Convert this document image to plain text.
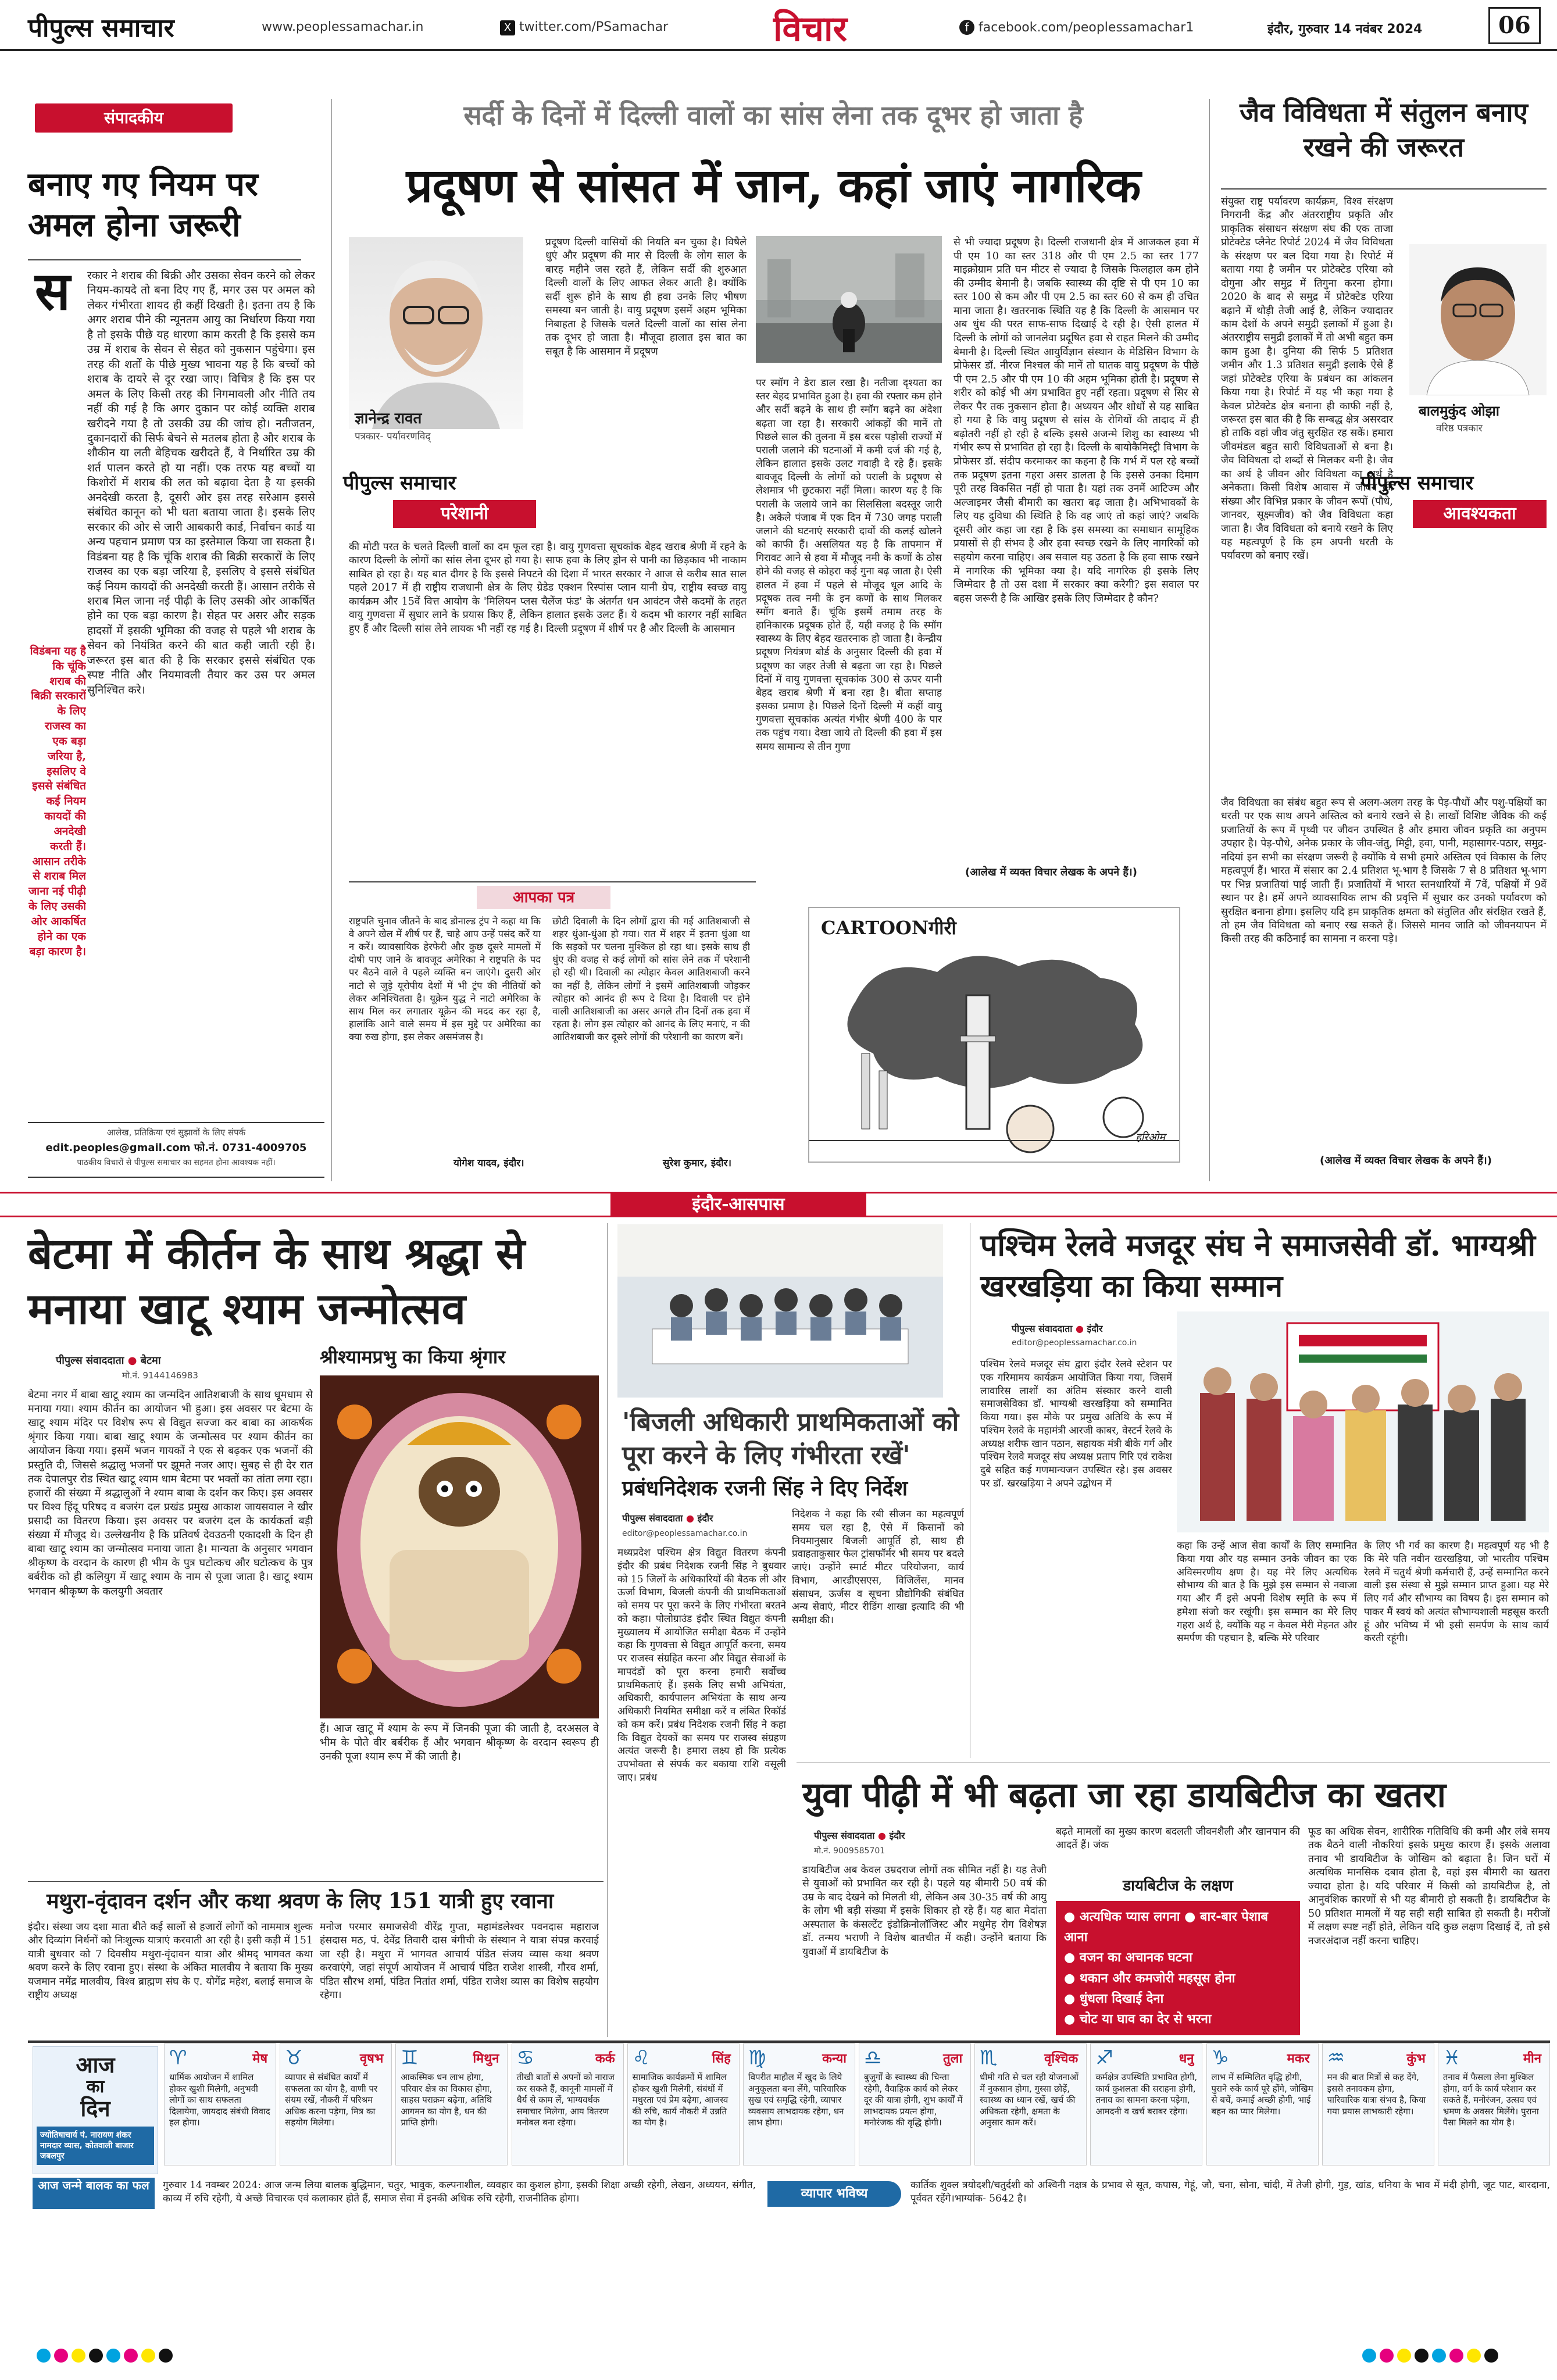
पीपुल्स समाचार	www.peoplessamachar.in	X twitter.com/PSamachar	विचार	f facebook.com/peoplessamachar1	इंदौर, गुरुवार 14 नवंबर 2024	06
संपादकीय
बनाए गए नियम पर अमल होना जरूरी
स रकार ने शराब की बिक्री और उसका सेवन करने को लेकर नियम-कायदे तो बना दिए गए हैं, मगर उस पर अमल को लेकर गंभीरता शायद ही कहीं दिखती है। इतना तय है कि अगर शराब पीने की न्यूनतम आयु का निर्धारण किया गया है तो इसके पीछे यह धारणा काम करती है कि इससे कम उम्र में शराब के सेवन से सेहत को नुकसान पहुंचेगा। इस तरह की शर्तों के पीछे मुख्य भावना यह है कि बच्चों को शराब के दायरे से दूर रखा जाए। विचित्र है कि इस पर अमल के लिए किसी तरह की निगमावली और नीति तय नहीं की गई है कि अगर दुकान पर कोई व्यक्ति शराब खरीदने गया है तो उसकी उम्र की जांच हो। नतीजतन, दुकानदारों की सिर्फ बेचने से मतलब होता है और शराब के शौकीन या लती बेहिचक खरीदते हैं, वे निर्धारित उम्र की शर्त पालन करते हो या नहीं। एक तरफ यह बच्चों या किशोरों में शराब की लत को बढ़ावा देता है या इसकी अनदेखी करता है, दूसरी ओर इस तरह सरेआम इससे संबंधित कानून को भी धता बताया जाता है। इसके लिए सरकार की ओर से जारी आबकारी कार्ड, निर्वाचन कार्ड या अन्य पहचान प्रमाण पत्र का इस्तेमाल किया जा सकता है। विडंबना यह है कि चूंकि शराब की बिक्री सरकारों के लिए राजस्व का एक बड़ा जरिया है, इसलिए वे इससे संबंधित कई नियम कायदों की अनदेखी करती हैं। आसान तरीके से शराब मिल जाना नई पीढ़ी के लिए उसकी ओर आकर्षित होने का एक बड़ा कारण है। सेहत पर असर और सड़क हादसों में इसकी भूमिका की वजह से पहले भी शराब के सेवन को नियंत्रित करने की बात कही जाती रही है। जरूरत इस बात की है कि सरकार इससे संबंधित एक स्पष्ट नीति और नियमावली तैयार कर उस पर अमल सुनिश्चित करे।
विडंबना यह है कि चूंकि शराब की बिक्री सरकारों के लिए राजस्व का एक बड़ा जरिया है, इसलिए वे इससे संबंधित कई नियम कायदों की अनदेखी करती हैं। आसान तरीके से शराब मिल जाना नई पीढ़ी के लिए उसकी ओर आकर्षित होने का एक बड़ा कारण है।
आलेख, प्रतिक्रिया एवं सुझावों के लिए संपर्क
edit.peoples@gmail.com फो.नं. 0731-4009705
पाठकीय विचारों से पीपुल्स समाचार का सहमत होना आवश्यक नहीं।
सर्दी के दिनों में दिल्ली वालों का सांस लेना तक दूभर हो जाता है
प्रदूषण से सांसत में जान, कहां जाएं नागरिक
ज्ञानेन्द्र रावत
पत्रकार- पर्यावरणविद्
पीपुल्स समाचार
परेशानी
प्रदूषण दिल्ली वासियों की नियति बन चुका है। विषैले धुएं और प्रदूषण की मार से दिल्ली के लोग साल के बारह महीने जस रहते हैं, लेकिन सर्दी की शुरुआत दिल्ली वालों के लिए आफत लेकर आती है। क्योंकि सर्दी शुरू होने के साथ ही हवा उनके लिए भीषण समस्या बन जाती है। वायु प्रदूषण इसमें अहम भूमिका निबाहता है जिसके चलते दिल्ली वालों का सांस लेना तक दूभर हो जाता है। मौजूदा हालात इस बात का सबूत है कि आसमान में प्रदूषण
की मोटी परत के चलते दिल्ली वालों का दम फूल रहा है। वायु गुणवत्ता सूचकांक बेहद खराब श्रेणी में रहने के कारण दिल्ली के लोगों का सांस लेना दूभर हो गया है। साफ हवा के लिए ड्रोन से पानी का छिड़काव भी नाकाम साबित हो रहा है। यह बात दीगर है कि इससे निपटने की दिशा में भारत सरकार ने आज से करीब सात साल पहले 2017 में ही राष्ट्रीय राजधानी क्षेत्र के लिए ग्रेडेड एक्शन रिस्पांस प्लान यानी ग्रेप, राष्ट्रीय स्वच्छ वायु कार्यक्रम और 15वें वित्त आयोग के 'मिलियन प्लस चैलेंज फंड' के अंतर्गत धन आवंटन जैसे कदमों के तहत वायु गुणवत्ता में सुधार लाने के प्रयास किए हैं, लेकिन हालात इसके उलट हैं। ये कदम भी कारगर नहीं साबित हुए हैं और दिल्ली सांस लेने लायक भी नहीं रह गई है। दिल्ली प्रदूषण में शीर्ष पर है और दिल्ली के आसमान
पर स्मॉग ने डेरा डाल रखा है। नतीजा दृश्यता का स्तर बेहद प्रभावित हुआ है। हवा की रफ्तार कम होने और सर्दी बढ़ने के साथ ही स्मॉग बढ़ने का अंदेशा बढ़ता जा रहा है। सरकारी आंकड़ों की मानें तो पिछले साल की तुलना में इस बरस पड़ोसी राज्यों में पराली जलाने की घटनाओं में कमी दर्ज की गई है, लेकिन हालात इसके उलट गवाही दे रहे हैं। इसके बावजूद दिल्ली के लोगों को पराली के प्रदूषण से लेशमात्र भी छुटकारा नहीं मिला। कारण यह है कि पराली के जलाये जाने का सिलसिला बदस्तूर जारी है। अकेले पंजाब में एक दिन में 730 जगह पराली जलाने की घटनाएं सरकारी दावों की कलई खोलने को काफी हैं। असलियत यह है कि तापमान में गिरावट आने से हवा में मौजूद नमी के कणों के ठोस होने की वजह से कोहरा कई गुना बढ़ जाता है। ऐसी हालत में हवा में पहले से मौजूद धूल आदि के प्रदूषक तत्व नमी के इन कणों के साथ मिलकर स्मॉग बनाते हैं। चूंकि इसमें तमाम तरह के हानिकारक प्रदूषक होते हैं, यही वजह है कि स्मॉग स्वास्थ्य के लिए बेहद खतरनाक हो जाता है। केन्द्रीय प्रदूषण नियंत्रण बोर्ड के अनुसार दिल्ली की हवा में प्रदूषण का जहर तेजी से बढ़ता जा रहा है। पिछले दिनों में वायु गुणवत्ता सूचकांक 300 से ऊपर यानी बेहद खराब श्रेणी में बना रहा है। बीता सप्ताह इसका प्रमाण है। पिछले दिनों दिल्ली में कहीं वायु गुणवत्ता सूचकांक अत्यंत गंभीर श्रेणी 400 के पार तक पहुंच गया। देखा जाये तो दिल्ली की हवा में इस समय सामान्य से तीन गुणा
से भी ज्यादा प्रदूषण है। दिल्ली राजधानी क्षेत्र में आजकल हवा में पी एम 10 का स्तर 318 और पी एम 2.5 का स्तर 177 माइक्रोग्राम प्रति घन मीटर से ज्यादा है जिसके फिलहाल कम होने की उम्मीद बेमानी है। जबकि स्वास्थ्य की दृष्टि से पी एम 10 का स्तर 100 से कम और पी एम 2.5 का स्तर 60 से कम ही उचित माना जाता है। खतरनाक स्थिति यह है कि दिल्ली के आसमान पर अब धुंध की परत साफ-साफ दिखाई दे रही है। ऐसी हालत में दिल्ली के लोगों को जानलेवा प्रदूषित हवा से राहत मिलने की उम्मीद बेमानी है। दिल्ली स्थित आयुर्विज्ञान संस्थान के मेडिसिन विभाग के प्रोफेसर डॉ. नीरज निश्चल की मानें तो घातक वायु प्रदूषण के पीछे पी एम 2.5 और पी एम 10 की अहम भूमिका होती है। प्रदूषण से शरीर को कोई भी अंग प्रभावित हुए नहीं रहता। प्रदूषण से सिर से लेकर पैर तक नुकसान होता है। अध्ययन और शोधों से यह साबित हो गया है कि वायु प्रदूषण से सांस के रोगियों की तादाद में ही बढ़ोतरी नहीं हो रही है बल्कि इससे अजन्मे शिशु का स्वास्थ्य भी गंभीर रूप से प्रभावित हो रहा है। दिल्ली के बायोकैमिस्ट्री विभाग के प्रोफेसर डॉ. संदीप करमाकर का कहना है कि गर्भ में पल रहे बच्चों तक प्रदूषण इतना गहरा असर डालता है कि इससे उनका दिमाग पूरी तरह विकसित नहीं हो पाता है। यहां तक उनमें आटिज्म और अल्जाइमर जैसी बीमारी का खतरा बढ़ जाता है। अभिभावकों के लिए यह दुविधा की स्थिति है कि वह जाएं तो कहां जाएं? जबकि दूसरी ओर कहा जा रहा है कि इस समस्या का समाधान सामूहिक प्रयासों से ही संभव है और हवा स्वच्छ रखने के लिए नागरिकों को सहयोग करना चाहिए। अब सवाल यह उठता है कि हवा साफ रखने में नागरिक की भूमिका क्या है। यदि नागरिक ही इसके लिए जिम्मेदार है तो उस दशा में सरकार क्या करेगी? इस सवाल पर बहस जरूरी है कि आखिर इसके लिए जिम्मेदार है कौन?
(आलेख में व्यक्त विचार लेखक के अपने हैं।)
आपका पत्र
राष्ट्रपति चुनाव जीतने के बाद डोनाल्ड ट्रंप ने कहा था कि वे अपने खेल में शीर्ष पर हैं, चाहे आप उन्हें पसंद करें या न करें। व्यावसायिक हेरफेरी और कुछ दूसरे मामलों में दोषी पाए जाने के बावजूद अमेरिका ने राष्ट्रपति के पद पर बैठने वाले वे पहले व्यक्ति बन जाएंगे। दुसरी ओर नाटो से जुड़े यूरोपीय देशों में भी ट्रंप की नीतियों को लेकर अनिश्चितता है। यूक्रेन युद्ध ने नाटो अमेरिका के साथ मिल कर लगातार यूक्रेन की मदद कर रहा है, हालांकि आने वाले समय में इस मुद्दे पर अमेरिका का क्या रुख होगा, इस लेकर असमंजस है।
योगेश यादव, इंदौर।
छोटी दिवाली के दिन लोगों द्वारा की गई आतिशबाजी से शहर धुंआ-धुंआ हो गया। रात में शहर में इतना धुंआ था कि सड़कों पर चलना मुश्किल हो रहा था। इसके साथ ही धुंए की वजह से कई लोगों को सांस लेने तक में परेशानी हो रही थी। दिवाली का त्योहार केवल आतिशबाजी करने का नहीं है, लेकिन लोगों ने इसमें आतिशबाजी जोड़कर त्योहार को आनंद ही रूप दे दिया है। दिवाली पर होने वाली आतिशबाजी का असर अगले तीन दिनों तक हवा में रहता है। लोग इस त्योहार को आनंद के लिए मनाएं, न की आतिशबाजी कर दूसरे लोगों की परेशानी का कारण बनें।
सुरेश कुमार, इंदौर।
CARTOONगीरी
हरिओम
जैव विविधता में संतुलन बनाए रखने की जरूरत
संयुक्त राष्ट्र पर्यावरण कार्यक्रम, विश्व संरक्षण निगरानी केंद्र और अंतरराष्ट्रीय प्रकृति और प्राकृतिक संसाधन संरक्षण संघ की एक ताजा प्रोटेक्टेड प्लैनेट रिपोर्ट 2024 में जैव विविधता के संरक्षण पर बल दिया गया है। रिपोर्ट में बताया गया है जमीन पर प्रोटेक्टेड एरिया को दोगुना और समुद्र में तिगुना करना होगा। 2020 के बाद से समुद्र में प्रोटेक्टेड एरिया बढ़ाने में थोड़ी तेजी आई है, लेकिन ज्यादातर काम देशों के अपने समुद्री इलाकों में हुआ है। अंतरराष्ट्रीय समुद्री इलाकों में तो अभी बहुत कम काम हुआ है। दुनिया की सिर्फ 5 प्रतिशत जमीन और 1.3 प्रतिशत समुद्री इलाके ऐसे हैं जहां प्रोटेक्टेड एरिया के प्रबंधन का आंकलन किया गया है। रिपोर्ट में यह भी कहा गया है केवल प्रोटेक्टेड क्षेत्र बनाना ही काफी नहीं है, जरूरत इस बात की है कि सम्बद्ध क्षेत्र असरदार हो ताकि वहां जीव जंतु सुरक्षित रह सकें। हमारा जीवमंडल बहुत सारी विविधताओं से बना है। जैव विविधता दो शब्दों से मिलकर बनी है। जैव का अर्थ है जीवन और विविधता का अर्थ है अनेकता। किसी विशेष आवास में जीवन की संख्या और विभिन्न प्रकार के जीवन रूपों (पौधे, जानवर, सूक्ष्मजीव) को जैव विविधता कहा जाता है। जैव विविधता को बनाये रखने के लिए यह महत्वपूर्ण है कि हम अपनी धरती के पर्यावरण को बनाए रखें।
बालमुकुंद ओझा
वरिष्ठ पत्रकार
पीपुल्स समाचार
आवश्यकता
जैव विविधता का संबंध बहुत रूप से अलग-अलग तरह के पेड़-पौधों और पशु-पक्षियों का धरती पर एक साथ अपने अस्तित्व को बनाये रखने से है। लाखों विशिष्ट जैविक की कई प्रजातियों के रूप में पृथ्वी पर जीवन उपस्थित है और हमारा जीवन प्रकृति का अनुपम उपहार है। पेड़-पौधे, अनेक प्रकार के जीव-जंतु, मिट्टी, हवा, पानी, महासागर-पठार, समुद्र-नदियां इन सभी का संरक्षण जरूरी है क्योंकि ये सभी हमारे अस्तित्व एवं विकास के लिए महत्वपूर्ण हैं। भारत में संसार का 2.4 प्रतिशत भू-भाग है जिसके 7 से 8 प्रतिशत भू-भाग पर भिन्न प्रजातियां पाई जाती हैं। प्रजातियों में भारत स्तनधारियों में 7वें, पक्षियों में 9वें स्थान पर है। हमें अपने व्यावसायिक लाभ की प्रवृत्ति में सुधार कर उनको पर्यावरण को सुरक्षित बनाना होगा। इसलिए यदि हम प्राकृतिक क्षमता को संतुलित और संरक्षित रखते हैं, तो हम जैव विविधता को बनाए रख सकते हैं। जिससे मानव जाति को जीवनयापन में किसी तरह की कठिनाई का सामना न करना पड़े।
(आलेख में व्यक्त विचार लेखक के अपने हैं।)
इंदौर-आसपास
बेटमा में कीर्तन के साथ श्रद्धा से मनाया खाटू श्याम जन्मोत्सव
पीपुल्स संवाददाता ● बेटमा
मो.नं. 9144146983
श्रीश्यामप्रभु का किया श्रृंगार
बेटमा नगर में बाबा खाटू श्याम का जन्मदिन आतिशबाजी के साथ धूमधाम से मनाया गया। श्याम कीर्तन का आयोजन भी हुआ। इस अवसर पर बेटमा के खाटू श्याम मंदिर पर विशेष रूप से विद्युत सज्जा कर बाबा का आकर्षक श्रृंगार किया गया। बाबा खाटू श्याम के जन्मोत्सव पर श्याम कीर्तन का आयोजन किया गया। इसमें भजन गायकों ने एक से बढ़कर एक भजनों की प्रस्तुति दी, जिससे श्रद्धालु भजनों पर झूमते नजर आए। सुबह से ही देर रात तक देपालपुर रोड स्थित खाटू श्याम धाम बेटमा पर भक्तों का तांता लगा रहा। हजारों की संख्या में श्रद्धालुओं ने श्याम बाबा के दर्शन कर किए। इस अवसर पर विश्व हिंदू परिषद व बजरंग दल प्रखंड प्रमुख आकाश जायसवाल ने खीर प्रसादी का वितरण किया। इस अवसर पर बजरंग दल के कार्यकर्ता बड़ी संख्या में मौजूद थे। उल्लेखनीय है कि प्रतिवर्ष देवउठनी एकादशी के दिन ही बाबा खाटू श्याम का जन्मोत्सव मनाया जाता है। मान्यता के अनुसार भगवान श्रीकृष्ण के वरदान के कारण ही भीम के पुत्र घटोत्कच और घटोत्कच के पुत्र बर्बरीक को ही कलियुग में खाटू श्याम के नाम से पूजा जाता है। खाटू श्याम भगवान श्रीकृष्ण के कलयुगी अवतार
हैं। आज खाटू में श्याम के रूप में जिनकी पूजा की जाती है, दरअसल वे भीम के पोते वीर बर्बरीक हैं और भगवान श्रीकृष्ण के वरदान स्वरूप ही उनकी पूजा श्याम रूप में की जाती है।
मथुरा-वृंदावन दर्शन और कथा श्रवण के लिए 151 यात्री हुए रवाना
इंदौर। संस्था जय दशा माता बीते कई सालों से हजारों लोगों को नाममात्र शुल्क और दिव्यांग निर्धनों को निःशुल्क यात्राएं करवाती आ रही है। इसी कड़ी में 151 यात्री बुधवार को 7 दिवसीय मथुरा-वृंदावन यात्रा और श्रीमद् भागवत कथा श्रवण करने के लिए रवाना हुए। संस्था के अंकित मालवीय ने बताया कि मुख्य यजमान नमेंद्र मालवीय, विश्व ब्राह्मण संघ के ए. योगेंद्र महेश, बलाई समाज के राष्ट्रीय अध्यक्ष
मनोज परमार समाजसेवी वीरेंद्र गुप्ता, महामंडलेश्वर पवनदास महाराज हंसदास मठ, पं. देवेंद्र तिवारी दास बंगीची के संस्थान ने यात्रा संपन्न करवाई जा रही है। मथुरा में भागवत आचार्य पंडित संजय व्यास कथा श्रवण करवाएंगे, जहां संपूर्ण आयोजन में आचार्य पंडित राजेश शास्त्री, गौरव शर्मा, पंडित सौरभ शर्मा, पंडित नितांत शर्मा, पंडित राजेश व्यास का विशेष सहयोग रहेगा।
'बिजली अधिकारी प्राथमिकताओं को पूरा करने के लिए गंभीरता रखें'
प्रबंधनिदेशक रजनी सिंह ने दिए निर्देश
पीपुल्स संवाददाता ● इंदौर
editor@peoplessamachar.co.in
मध्यप्रदेश पश्चिम क्षेत्र विद्युत वितरण कंपनी इंदौर की प्रबंध निदेशक रजनी सिंह ने बुधवार को 15 जिलों के अधिकारियों की बैठक ली और ऊर्जा विभाग, बिजली कंपनी की प्राथमिकताओं को समय पर पूरा करने के लिए गंभीरता बरतने को कहा। पोलोग्राउंड इंदौर स्थित विद्युत कंपनी मुख्यालय में आयोजित समीक्षा बैठक में उन्होंने कहा कि गुणवत्ता से विद्युत आपूर्ति करना, समय पर राजस्व संग्रहित करना और विद्युत सेवाओं के मापदंडों को पूरा करना हमारी सर्वोच्च प्राथमिकताएं हैं। इसके लिए सभी अभियंता, अधिकारी, कार्यपालन अभियंता के साथ अन्य अधिकारी नियमित समीक्षा करें व लंबित रिकॉर्ड को कम करें। प्रबंध निदेशक रजनी सिंह ने कहा कि विद्युत देयकों का समय पर राजस्व संग्रहण अत्यंत जरूरी है। हमारा लक्ष्य हो कि प्रत्येक उपभोक्ता से संपर्क कर बकाया राशि वसूली जाए। प्रबंध
निदेशक ने कहा कि रबी सीजन का महत्वपूर्ण समय चल रहा है, ऐसे में किसानों को नियमानुसार बिजली आपूर्ति हो, साथ ही प्रवाहताकुसार फेल ट्रांसफॉर्मर भी समय पर बदले जाएं। उन्होंने स्मार्ट मीटर परियोजना, कार्य विभाग, आरडीएसएस, विजिलेंस, मानव संसाधन, ऊर्जस व सूचना प्रौद्योगिकी संबंधित अन्य सेवाएं, मीटर रीडिंग शाखा इत्यादि की भी समीक्षा की।
पश्चिम रेलवे मजदूर संघ ने समाजसेवी डॉ. भाग्यश्री खरखड़िया का किया सम्मान
पीपुल्स संवाददाता ● इंदौर
editor@peoplessamachar.co.in
पश्चिम रेलवे मजदूर संघ द्वारा इंदौर रेलवे स्टेशन पर एक गरिमामय कार्यक्रम आयोजित किया गया, जिसमें लावारिस लाशों का अंतिम संस्कार करने वाली समाजसेविका डॉ. भाग्यश्री खरखड़िया को सम्मानित किया गया। इस मौके पर प्रमुख अतिथि के रूप में पश्चिम रेलवे के महामंत्री आरजी काबर, वेस्टर्न रेलवे के अध्यक्ष शरीफ खान पठान, सहायक मंत्री बीके गर्ग और पश्चिम रेलवे मजदूर संघ अध्यक्ष प्रताप गिरि एवं राकेश दुबे सहित कई गणमान्यजन उपस्थित रहे। इस अवसर पर डॉ. खरखड़िया ने अपने उद्बोधन में
कहा कि उन्हें आज सेवा कार्यों के लिए सम्मानित किया गया और यह सम्मान उनके जीवन का एक अविस्मरणीय क्षण है। यह मेरे लिए अत्यधिक सौभाग्य की बात है कि मुझे इस सम्मान से नवाजा गया और मैं इसे अपनी विशेष स्मृति के रूप में हमेशा संजो कर रखूंगी। इस सम्मान का मेरे लिए गहरा अर्थ है, क्योंकि यह न केवल मेरी मेहनत और समर्पण की पहचान है, बल्कि मेरे परिवार
के लिए भी गर्व का कारण है। महत्वपूर्ण यह भी है कि मेरे पति नवीन खरखड़िया, जो भारतीय पश्चिम रेलवे में चतुर्थ श्रेणी कर्मचारी हैं, उन्हें सम्मानित करने वाली इस संस्था से मुझे सम्मान प्राप्त हुआ। यह मेरे लिए गर्व और सौभाग्य का विषय है। इस सम्मान को पाकर मैं स्वयं को अत्यंत सौभाग्यशाली महसूस करती हूं और भविष्य में भी इसी समर्पण के साथ कार्य करती रहूंगी।
युवा पीढ़ी में भी बढ़ता जा रहा डायबिटीज का खतरा
पीपुल्स संवाददाता ● इंदौर
मो.नं. 9009585701
डायबिटीज अब केवल उम्रदराज लोगों तक सीमित नहीं है। यह तेजी से युवाओं को प्रभावित कर रही है। पहले यह बीमारी 50 वर्ष की उम्र के बाद देखने को मिलती थी, लेकिन अब 30-35 वर्ष की आयु के लोग भी बड़ी संख्या में इसके शिकार हो रहे हैं। यह बात मेदांता अस्पताल के कंसल्टेंट इंडोक्रिनोलॉजिस्ट और मधुमेह रोग विशेषज्ञ डॉ. तन्मय भराणी ने विशेष बातचीत में कही। उन्होंने बताया कि युवाओं में डायबिटीज के
बढ़ते मामलों का मुख्य कारण बदलती जीवनशैली और खानपान की आदतें हैं। जंक
डायबिटीज के लक्षण
● अत्यधिक प्यास लगना ● बार-बार पेशाब आना
● वजन का अचानक घटना
● थकान और कमजोरी महसूस होना
● धुंधला दिखाई देना
● चोट या घाव का देर से भरना
फूड का अधिक सेवन, शारीरिक गतिविधि की कमी और लंबे समय तक बैठने वाली नौकरियां इसके प्रमुख कारण हैं। इसके अलावा तनाव भी डायबिटीज के जोखिम को बढ़ाता है। जिन घरों में अत्यधिक मानसिक दबाव होता है, वहां इस बीमारी का खतरा ज्यादा होता है। यदि परिवार में किसी को डायबिटीज है, तो आनुवंशिक कारणों से भी यह बीमारी हो सकती है। डायबिटीज के 50 प्रतिशत मामलों में यह सही सही साबित हो सकती है। मरीजों में लक्षण स्पष्ट नहीं होते, लेकिन यदि कुछ लक्षण दिखाई दें, तो इसे नजरअंदाज नहीं करना चाहिए।
आज
का
दिन
ज्योतिषाचार्य पं. नारायण शंकर नामदार व्यास, कोतवाली बाजार जबलपुर
♈	मेष
धार्मिक आयोजन में शामिल होकर खुशी मिलेगी, अनुभवी लोगों का साथ सफलता दिलायेगा, जायदाद संबंधी विवाद हल होगा।
♉	वृषभ
व्यापार से संबंधित कार्यों में सफलता का योग है, वाणी पर संयम रखें, नौकरी में परिश्रम अधिक करना पड़ेगा, मित्र का सहयोग मिलेगा।
♊	मिथुन
आकस्मिक धन लाभ होगा, परिवार क्षेत्र का विकास होगा, साहस पराक्रम बढ़ेगा, अतिथि आगमन का योग है, धन की प्राप्ति होगी।
♋	कर्क
तीखी बातों से अपनों को नाराज कर सकते हैं, कानूनी मामलों में धैर्य से काम लें, भाग्यवर्धक समाचार मिलेगा, आय वितरण मनोबल बना रहेगा।
♌	सिंह
सामाजिक कार्यक्रमों में शामिल होकर खुशी मिलेगी, संबंधों में मधुरता एवं प्रेम बढ़ेगा, आजस्व की रुचि, कार्य नौकरी में उन्नति का योग है।
♍	कन्या
विपरीत माहौल में खुद के लिये अनुकूलता बना लेंगे, पारिवारिक सुख एवं समृद्धि रहेगी, व्यापार व्यवसाय लाभदायक रहेगा, धन लाभ होगा।
♎	तुला
बुजुर्गों के स्वास्थ्य की चिन्ता रहेगी, वैवाहिक कार्य को लेकर दूर की यात्रा होगी, शुभ कार्यों में लाभदायक प्रयत्न होगा, मनोरंजक की वृद्धि होगी।
♏	वृश्चिक
धीमी गति से चल रही योजनाओं में नुकसान होगा, गुस्सा छोड़ें, स्वास्थ्य का ध्यान रखें, खर्च की अधिकता रहेगी, क्षमता के अनुसार काम करें।
♐	धनु
कर्मक्षेत्र उपस्थिति प्रभावित होगी, कार्य कुशलता की सराहना होगी, तनाव का सामना करना पड़ेगा, आमदनी व खर्च बराबर रहेगा।
♑	मकर
लाभ में सम्मिलित वृद्धि होगी, पुराने रुके कार्य पूरे होंगे, जोखिम से बचें, कमाई अच्छी होगी, भाई बहन का प्यार मिलेगा।
♒	कुंभ
मन की बात मित्रों से कह देंगे, इससे तनावकम होगा, पारिवारिक यात्रा संभव है, किया गया प्रयास लाभकारी रहेगा।
♓	मीन
तनाव में फैसला लेना मुश्किल होगा, वर्ग के कार्य परेशान कर सकते हैं, मनोरंजन, उत्सव एवं भ्रमण के अवसर मिलेंगे। पुराना पैसा मिलने का योग है।
आज जन्मे बालक का फल	गुरुवार 14 नवम्बर 2024: आज जन्म लिया बालक बुद्धिमान, चतुर, भावुक, कल्पनाशील, व्यवहार का कुशल होगा, इसकी शिक्षा अच्छी रहेगी, लेखन, अध्ययन, संगीत, काव्य में रुचि रहेगी, ये अच्छे विचारक एवं कलाकार होते हैं, समाज सेवा में इनकी अधिक रुचि रहेगी, राजनीतिक होगा।	व्यापार भविष्य
कार्तिक शुक्ल त्रयोदशी/चतुर्दशी को अश्विनी नक्षत्र के प्रभाव से सूत, कपास, गेहूं, जौ, चना, सोना, चांदी, में तेजी होगी, गुड़, खांड, धनिया के भाव में मंदी होगी, जूट पाट, बारदाना, पूर्ववत रहेंगे।भाग्यांक- 5642 है।
